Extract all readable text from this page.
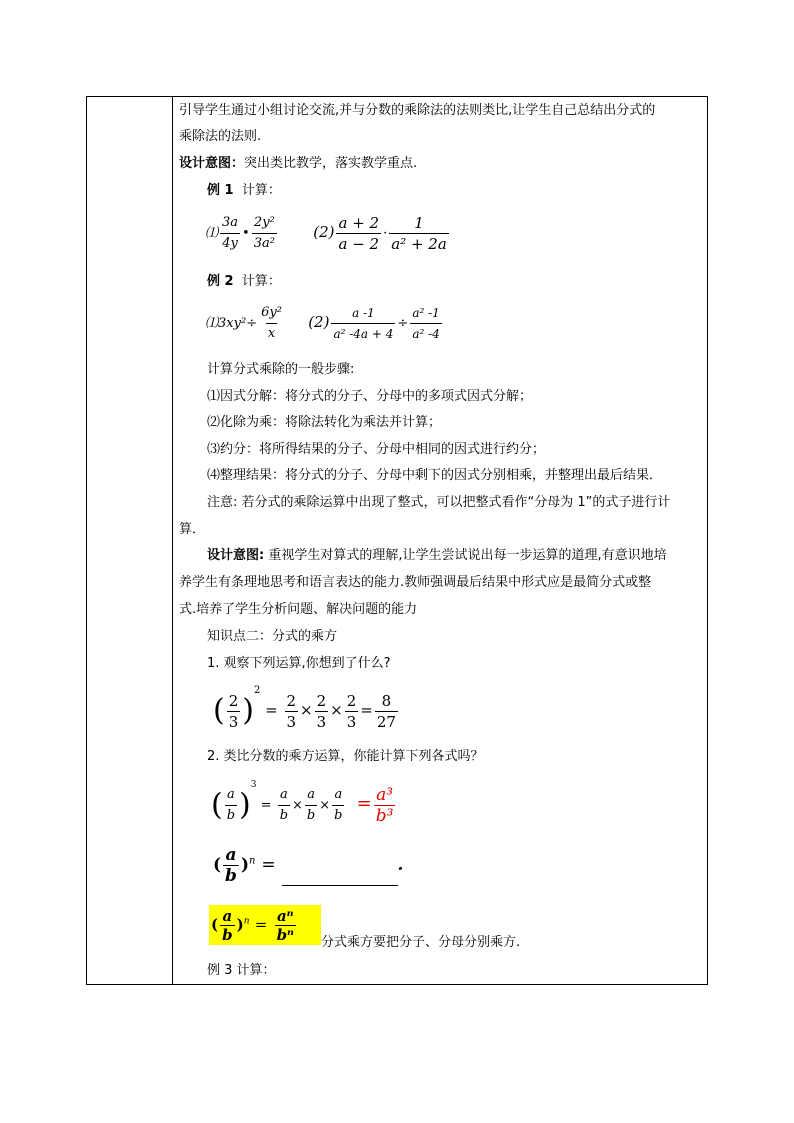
引导学生通过小组讨论交流,并与分数的乘除法的法则类比,让学生自己总结出分式的
乘除法的法则.
设计意图：突出类比教学，落实教学重点.
例 1 计算：
⑴ $\frac{3a}{4y}$ • $\frac{\text{2y²}}{\text{3a²}} (2) \frac{a + 2}{a - 2} \cdot \frac{1}{\text{a² + 2a}}$
例 2 计算：
⑴3xy²÷ $\frac{\text{6y²}}{x} (2) \frac{a -1}{\text{a² -4a + 4}} \div \frac{\text{a² -1}}{\text{a² -4}}$
计算分式乘除的一般步骤:
⑴因式分解：将分式的分子、分母中的多项式因式分解；
⑵化除为乘：将除法转化为乘法并计算；
⑶约分：将所得结果的分子、分母中相同的因式进行约分；
⑷整理结果：将分式的分子、分母中剩下的因式分别相乘，并整理出最后结果．
注意: 若分式的乘除运算中出现了整式，可以把整式看作“分母为 1”的式子进行计
算．
设计意图: 重视学生对算式的理解,让学生尝试说出每一步运算的道理,有意识地培
养学生有条理地思考和语言表达的能力.教师强调最后结果中形式应是最简分式或整
式.培养了学生分析问题、解决问题的能力
知识点二：分式的乘方
1. 观察下列运算,你想到了什么?
( $\frac{2}{3} )^2 = \frac{2}{3} \times \frac{2}{3} \times \frac{2}{3} = \frac{8}{27}$
2. 类比分数的乘方运算，你能计算下列各式吗？
( $\frac{a}{b} )^3 = \frac{a}{b} \times \frac{a}{b} \times \frac{a}{b} = \frac{\text{a³}}{\text{b³}}$
( $\frac{a}{b} )^n$ =	.
( $\frac{a}{b} )^n = \frac{\text{aⁿ}}{\text{bⁿ}}$ 分式乘方要把分子、分母分别乘方.
例 3 计算：
